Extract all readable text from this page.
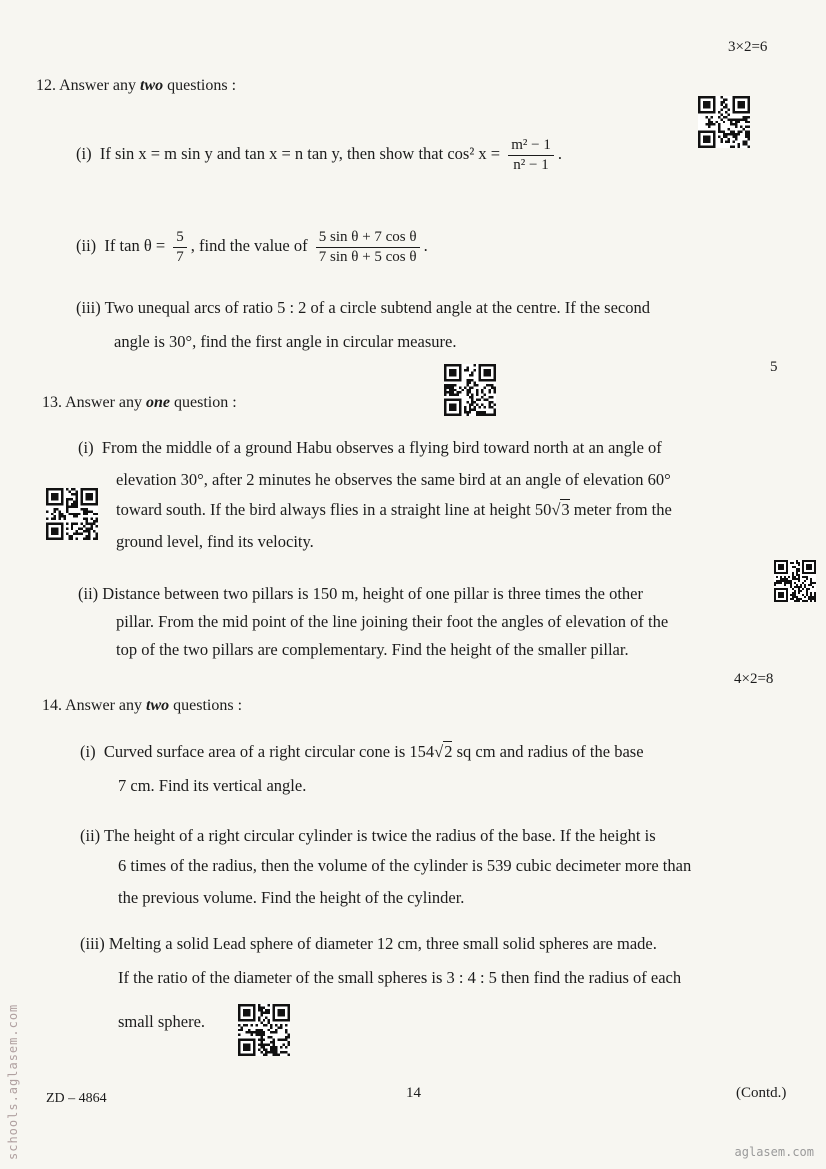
3×2=6
12. Answer any two questions :
(i) If sin x = m sin y and tan x = n tan y, then show that cos² $x = \frac{\text{m² − 1}}{\text{n² − 1}}$ .
(ii) If $\tan \theta = \frac{5}{7}$ , find the value of $\frac{\text{5 sin θ + 7 cos θ}}{\text{7 sin θ + 5 cos θ}}$ .
(iii) Two unequal arcs of ratio 5 : 2 of a circle subtend angle at the centre. If the second
angle is 30°, find the first angle in circular measure.
5
13. Answer any one question :
(i) From the middle of a ground Habu observes a flying bird toward north at an angle of
elevation 30°, after 2 minutes he observes the same bird at an angle of elevation 60°
toward south. If the bird always flies in a straight line at height 50√3 meter from the
ground level, find its velocity.
(ii) Distance between two pillars is 150 m, height of one pillar is three times the other
pillar. From the mid point of the line joining their foot the angles of elevation of the
top of the two pillars are complementary. Find the height of the smaller pillar.
4×2=8
14. Answer any two questions :
(i) Curved surface area of a right circular cone is 154√2 sq cm and radius of the base
7 cm. Find its vertical angle.
(ii) The height of a right circular cylinder is twice the radius of the base. If the height is
6 times of the radius, then the volume of the cylinder is 539 cubic decimeter more than
the previous volume. Find the height of the cylinder.
(iii) Melting a solid Lead sphere of diameter 12 cm, three small solid spheres are made.
If the ratio of the diameter of the small spheres is 3 : 4 : 5 then find the radius of each
small sphere.
ZD – 4864	14	(Contd.)
schools.aglasem.com	aglasem.com
